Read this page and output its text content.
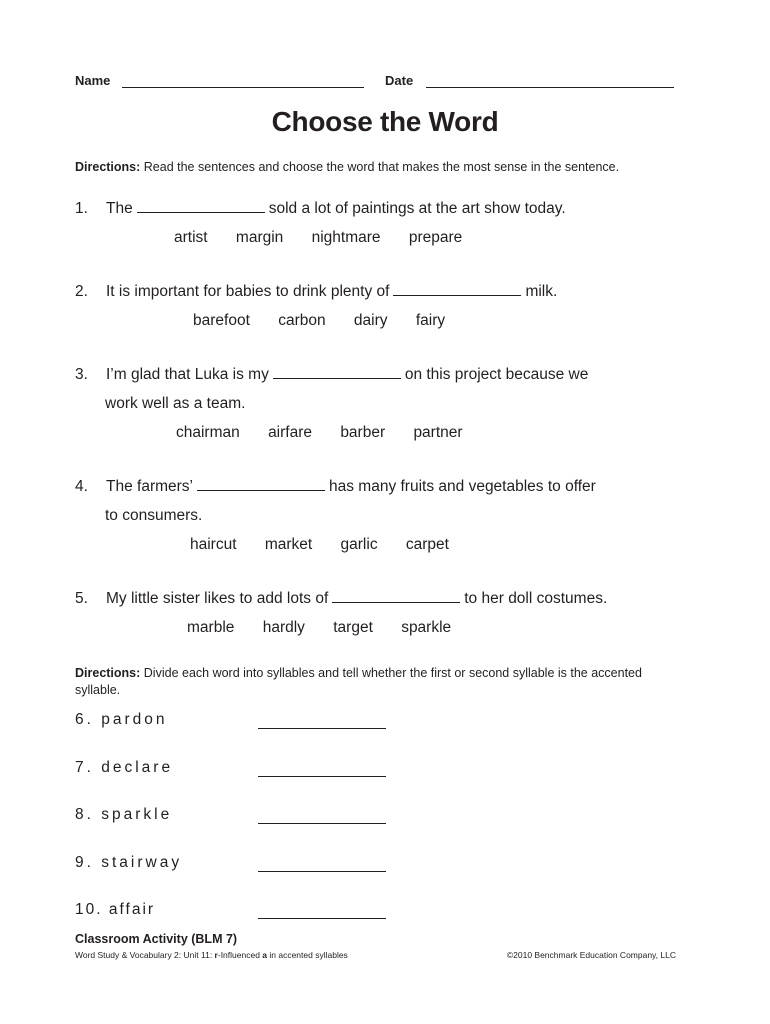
Name	Date
Choose the Word
Directions: Read the sentences and choose the word that makes the most sense in the sentence.
1. The	sold a lot of paintings at the art show today.
artist margin nightmare prepare
2. It is important for babies to drink plenty of	milk.
barefoot carbon dairy fairy
3. I’m glad that Luka is my	on this project because we
work well as a team.
chairman airfare barber partner
4. The farmers’	has many fruits and vegetables to offer
to consumers.
haircut market garlic carpet
5. My little sister likes to add lots of	to her doll costumes.
marble hardly target sparkle
Directions: Divide each word into syllables and tell whether the first or second syllable is the accented syllable.
6. pardon
7. declare
8. sparkle
9. stairway
10. affair
Classroom Activity (BLM 7)
Word Study & Vocabulary 2: Unit 11: r-Influenced a in accented syllables	©2010 Benchmark Education Company, LLC
